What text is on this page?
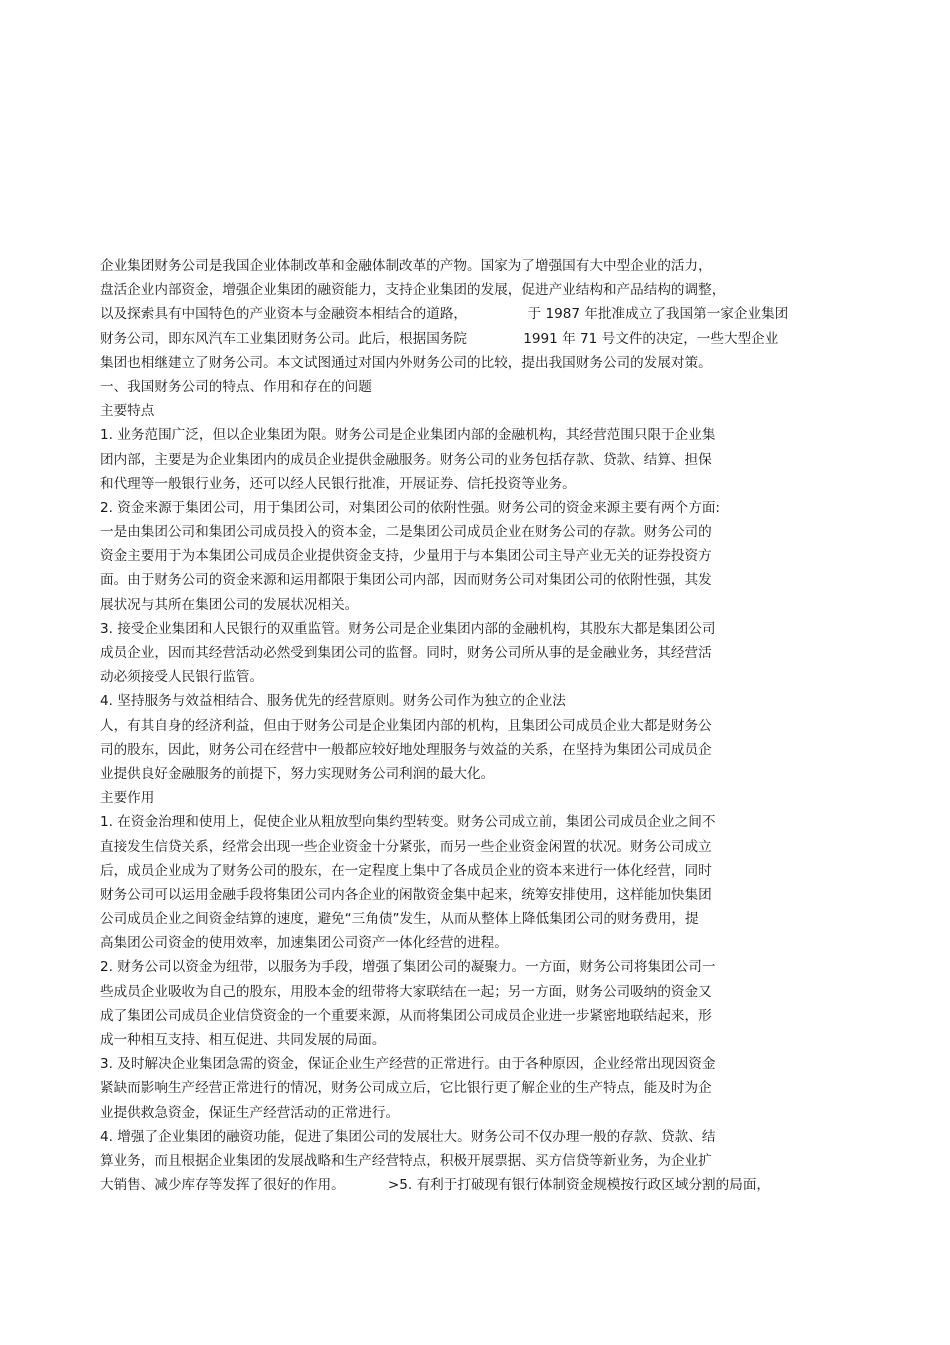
企业集团财务公司是我国企业体制改革和金融体制改革的产物。国家为了增强国有大中型企业的活力，
盘活企业内部资金，增强企业集团的融资能力，支持企业集团的发展，促进产业结构和产品结构的调整，
以及探索具有中国特色的产业资本与金融资本相结合的道路，              于 1987 年批准成立了我国第一家企业集团
财务公司，即东风汽车工业集团财务公司。此后，根据国务院             1991 年 71 号文件的决定，一些大型企业
集团也相继建立了财务公司。本文试图通过对国内外财务公司的比较，提出我国财务公司的发展对策。
一、我国财务公司的特点、作用和存在的问题
主要特点
1. 业务范围广泛，但以企业集团为限。财务公司是企业集团内部的金融机构，其经营范围只限于企业集
团内部，主要是为企业集团内的成员企业提供金融服务。财务公司的业务包括存款、贷款、结算、担保
和代理等一般银行业务，还可以经人民银行批准，开展证券、信托投资等业务。
2. 资金来源于集团公司，用于集团公司，对集团公司的依附性强。财务公司的资金来源主要有两个方面:
一是由集团公司和集团公司成员投入的资本金，二是集团公司成员企业在财务公司的存款。财务公司的
资金主要用于为本集团公司成员企业提供资金支持，少量用于与本集团公司主导产业无关的证券投资方
面。由于财务公司的资金来源和运用都限于集团公司内部，因而财务公司对集团公司的依附性强，其发
展状况与其所在集团公司的发展状况相关。
3. 接受企业集团和人民银行的双重监管。财务公司是企业集团内部的金融机构，其股东大都是集团公司
成员企业，因而其经营活动必然受到集团公司的监督。同时，财务公司所从事的是金融业务，其经营活
动必须接受人民银行监管。
4. 坚持服务与效益相结合、服务优先的经营原则。财务公司作为独立的企业法
人，有其自身的经济利益，但由于财务公司是企业集团内部的机构，且集团公司成员企业大都是财务公
司的股东，因此，财务公司在经营中一般都应较好地处理服务与效益的关系，在坚持为集团公司成员企
业提供良好金融服务的前提下，努力实现财务公司利润的最大化。
主要作用
1. 在资金治理和使用上，促使企业从粗放型向集约型转变。财务公司成立前，集团公司成员企业之间不
直接发生信贷关系，经常会出现一些企业资金十分紧张，而另一些企业资金闲置的状况。财务公司成立
后，成员企业成为了财务公司的股东，在一定程度上集中了各成员企业的资本来进行一体化经营，同时
财务公司可以运用金融手段将集团公司内各企业的闲散资金集中起来，统筹安排使用，这样能加快集团
公司成员企业之间资金结算的速度，避免“三角债”发生，从而从整体上降低集团公司的财务费用，提
高集团公司资金的使用效率，加速集团公司资产一体化经营的进程。
2. 财务公司以资金为纽带，以服务为手段，增强了集团公司的凝聚力。一方面，财务公司将集团公司一
些成员企业吸收为自己的股东，用股本金的纽带将大家联结在一起；另一方面，财务公司吸纳的资金又
成了集团公司成员企业信贷资金的一个重要来源，从而将集团公司成员企业进一步紧密地联结起来，形
成一种相互支持、相互促进、共同发展的局面。
3. 及时解决企业集团急需的资金，保证企业生产经营的正常进行。由于各种原因，企业经常出现因资金
紧缺而影响生产经营正常进行的情况，财务公司成立后，它比银行更了解企业的生产特点，能及时为企
业提供救急资金，保证生产经营活动的正常进行。
4. 增强了企业集团的融资功能，促进了集团公司的发展壮大。财务公司不仅办理一般的存款、贷款、结
算业务，而且根据企业集团的发展战略和生产经营特点，积极开展票据、买方信贷等新业务，为企业扩
大销售、减少库存等发挥了很好的作用。          >5. 有利于打破现有银行体制资金规模按行政区域分割的局面，
